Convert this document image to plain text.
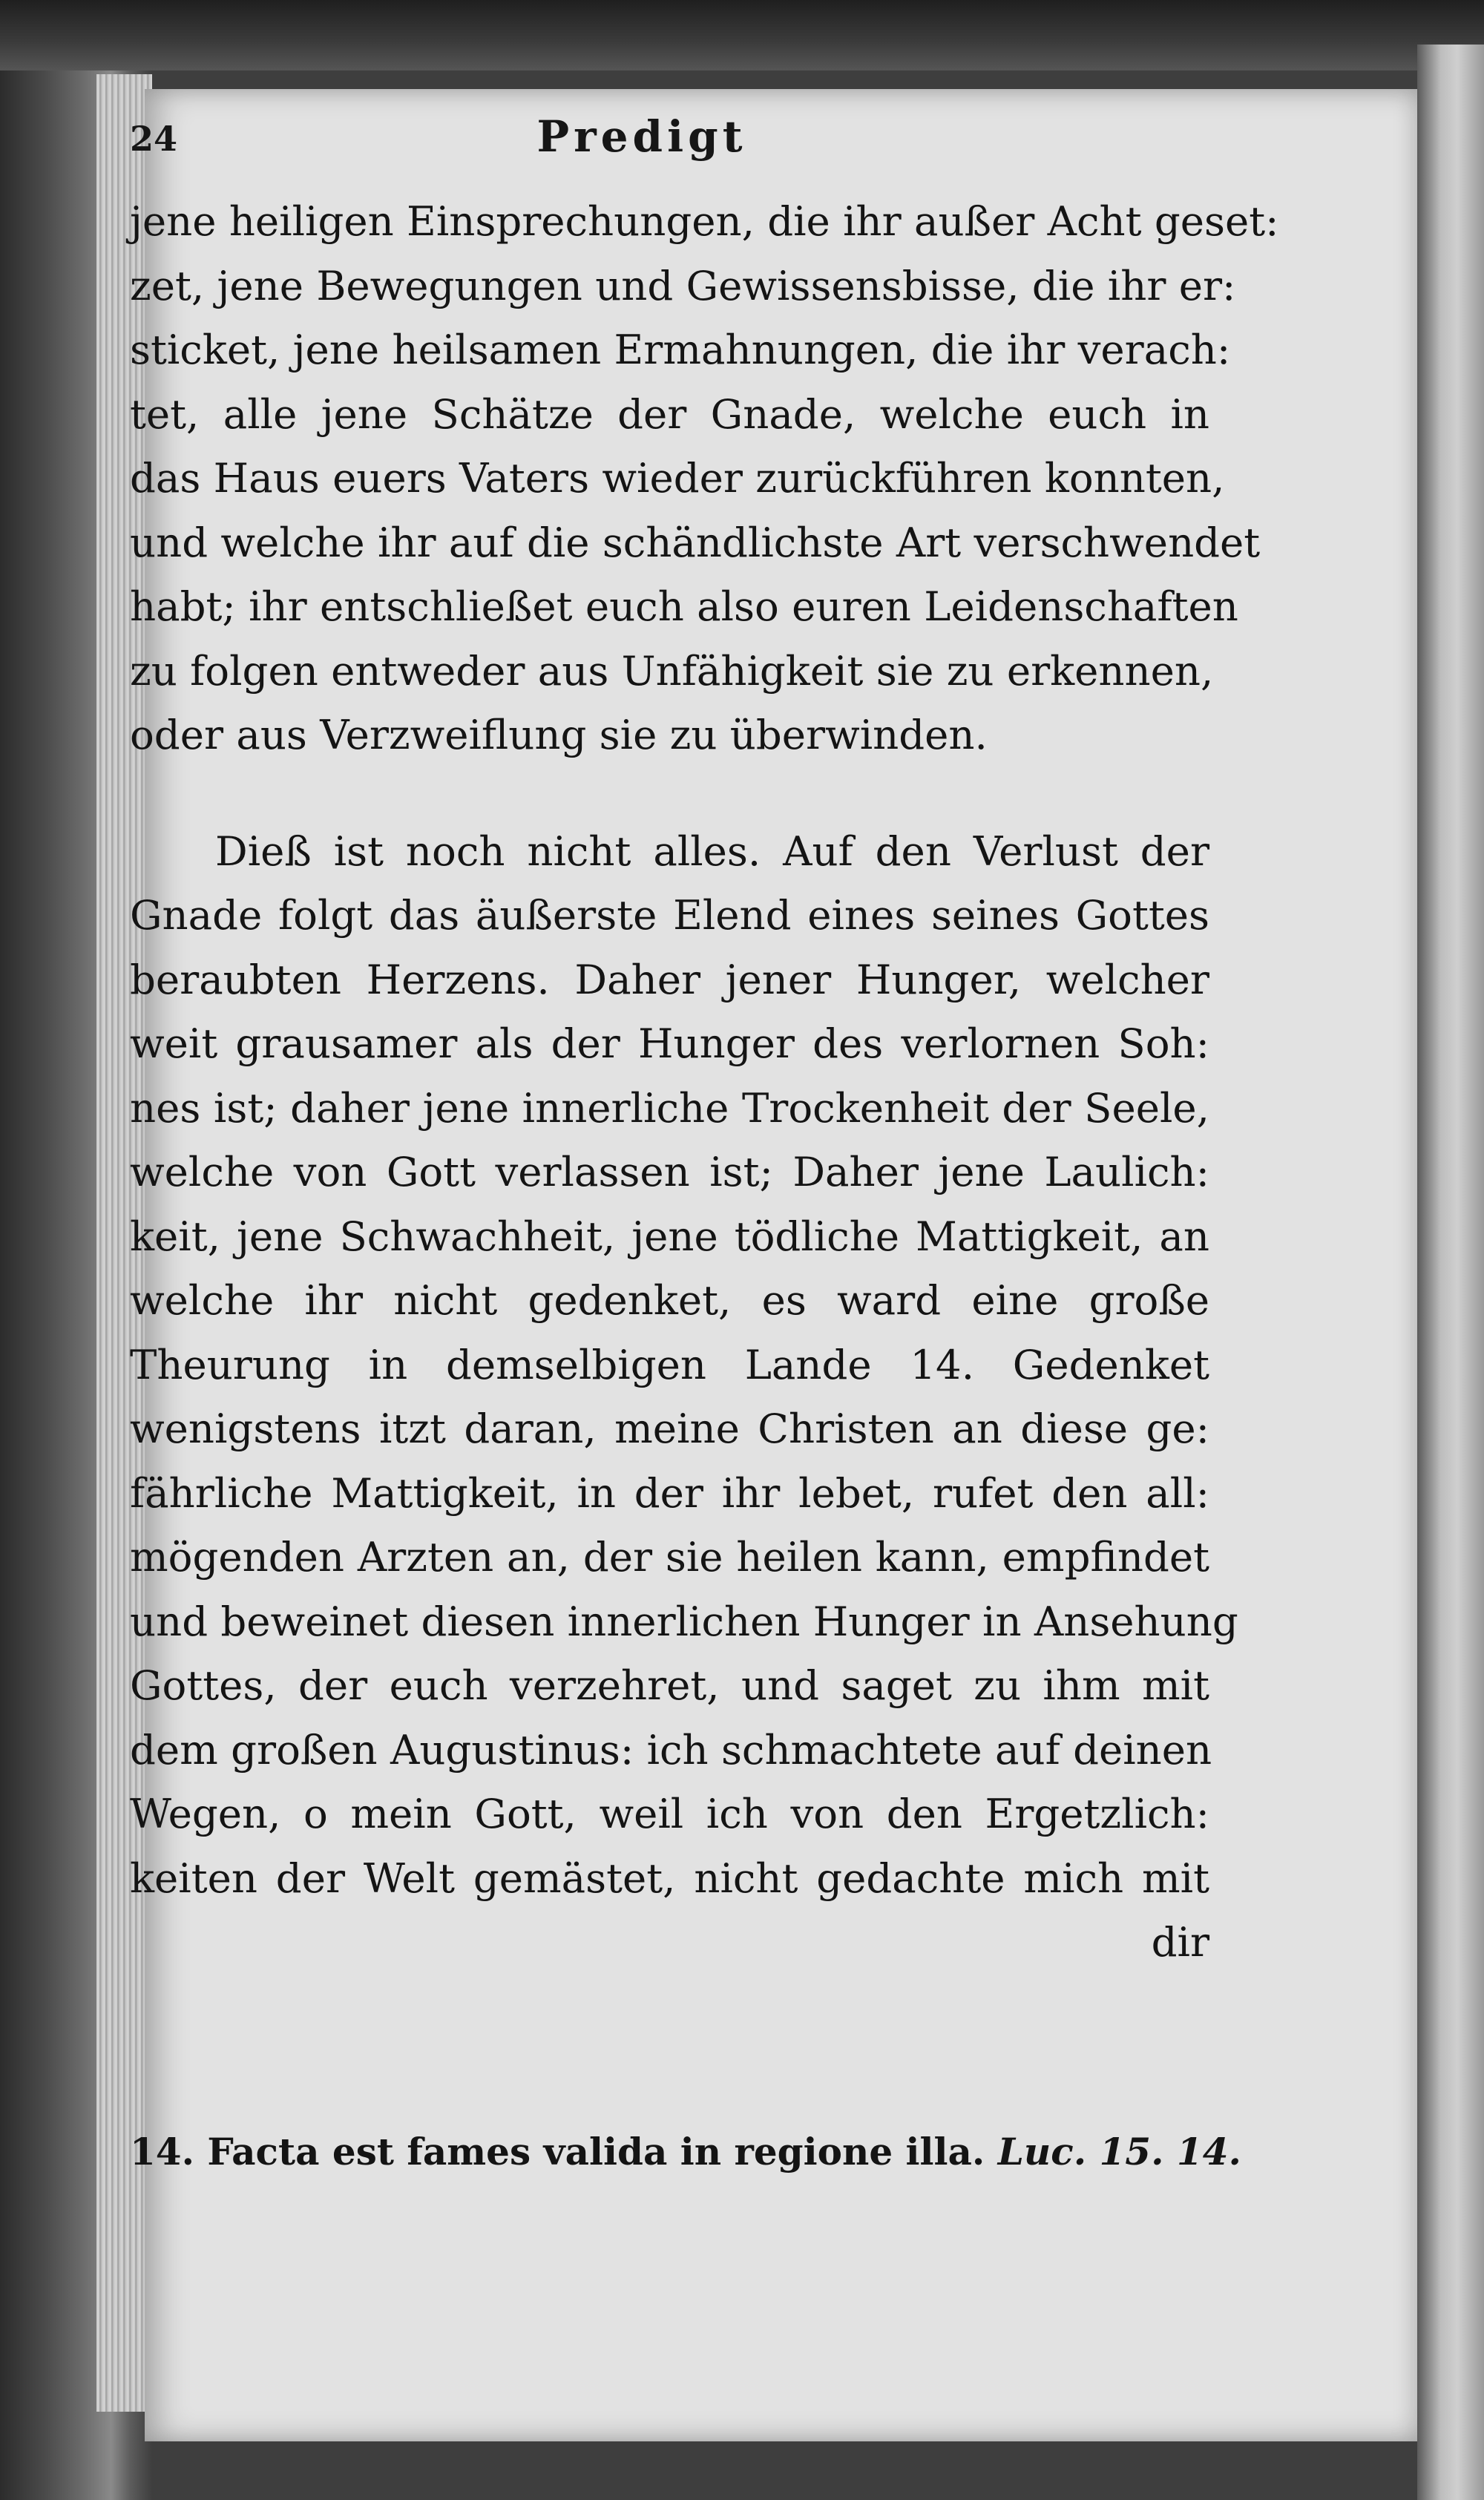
24	Predigt
jene heiligen Einsprechungen, die ihr außer Acht geset:
zet, jene Bewegungen und Gewissensbisse, die ihr er:
sticket, jene heilsamen Ermahnungen, die ihr verach:
tet, alle jene Schätze der Gnade, welche euch in
das Haus euers Vaters wieder zurückführen konnten,
und welche ihr auf die schändlichste Art verschwendet
habt; ihr entschließet euch also euren Leidenschaften
zu folgen entweder aus Unfähigkeit sie zu erkennen,
oder aus Verzweiflung sie zu überwinden.
Dieß ist noch nicht alles. Auf den Verlust der
Gnade folgt das äußerste Elend eines seines Gottes
beraubten Herzens. Daher jener Hunger, welcher
weit grausamer als der Hunger des verlornen Soh:
nes ist; daher jene innerliche Trockenheit der Seele,
welche von Gott verlassen ist; Daher jene Laulich:
keit, jene Schwachheit, jene tödliche Mattigkeit, an
welche ihr nicht gedenket, es ward eine große
Theurung in demselbigen Lande 14. Gedenket
wenigstens itzt daran, meine Christen an diese ge:
fährliche Mattigkeit, in der ihr lebet, rufet den all:
mögenden Arzten an, der sie heilen kann, empfindet
und beweinet diesen innerlichen Hunger in Ansehung
Gottes, der euch verzehret, und saget zu ihm mit
dem großen Augustinus: ich schmachtete auf deinen
Wegen, o mein Gott, weil ich von den Ergetzlich:
keiten der Welt gemästet, nicht gedachte mich mit
dir
14. Facta est fames valida in regione illa. Luc. 15. 14.
